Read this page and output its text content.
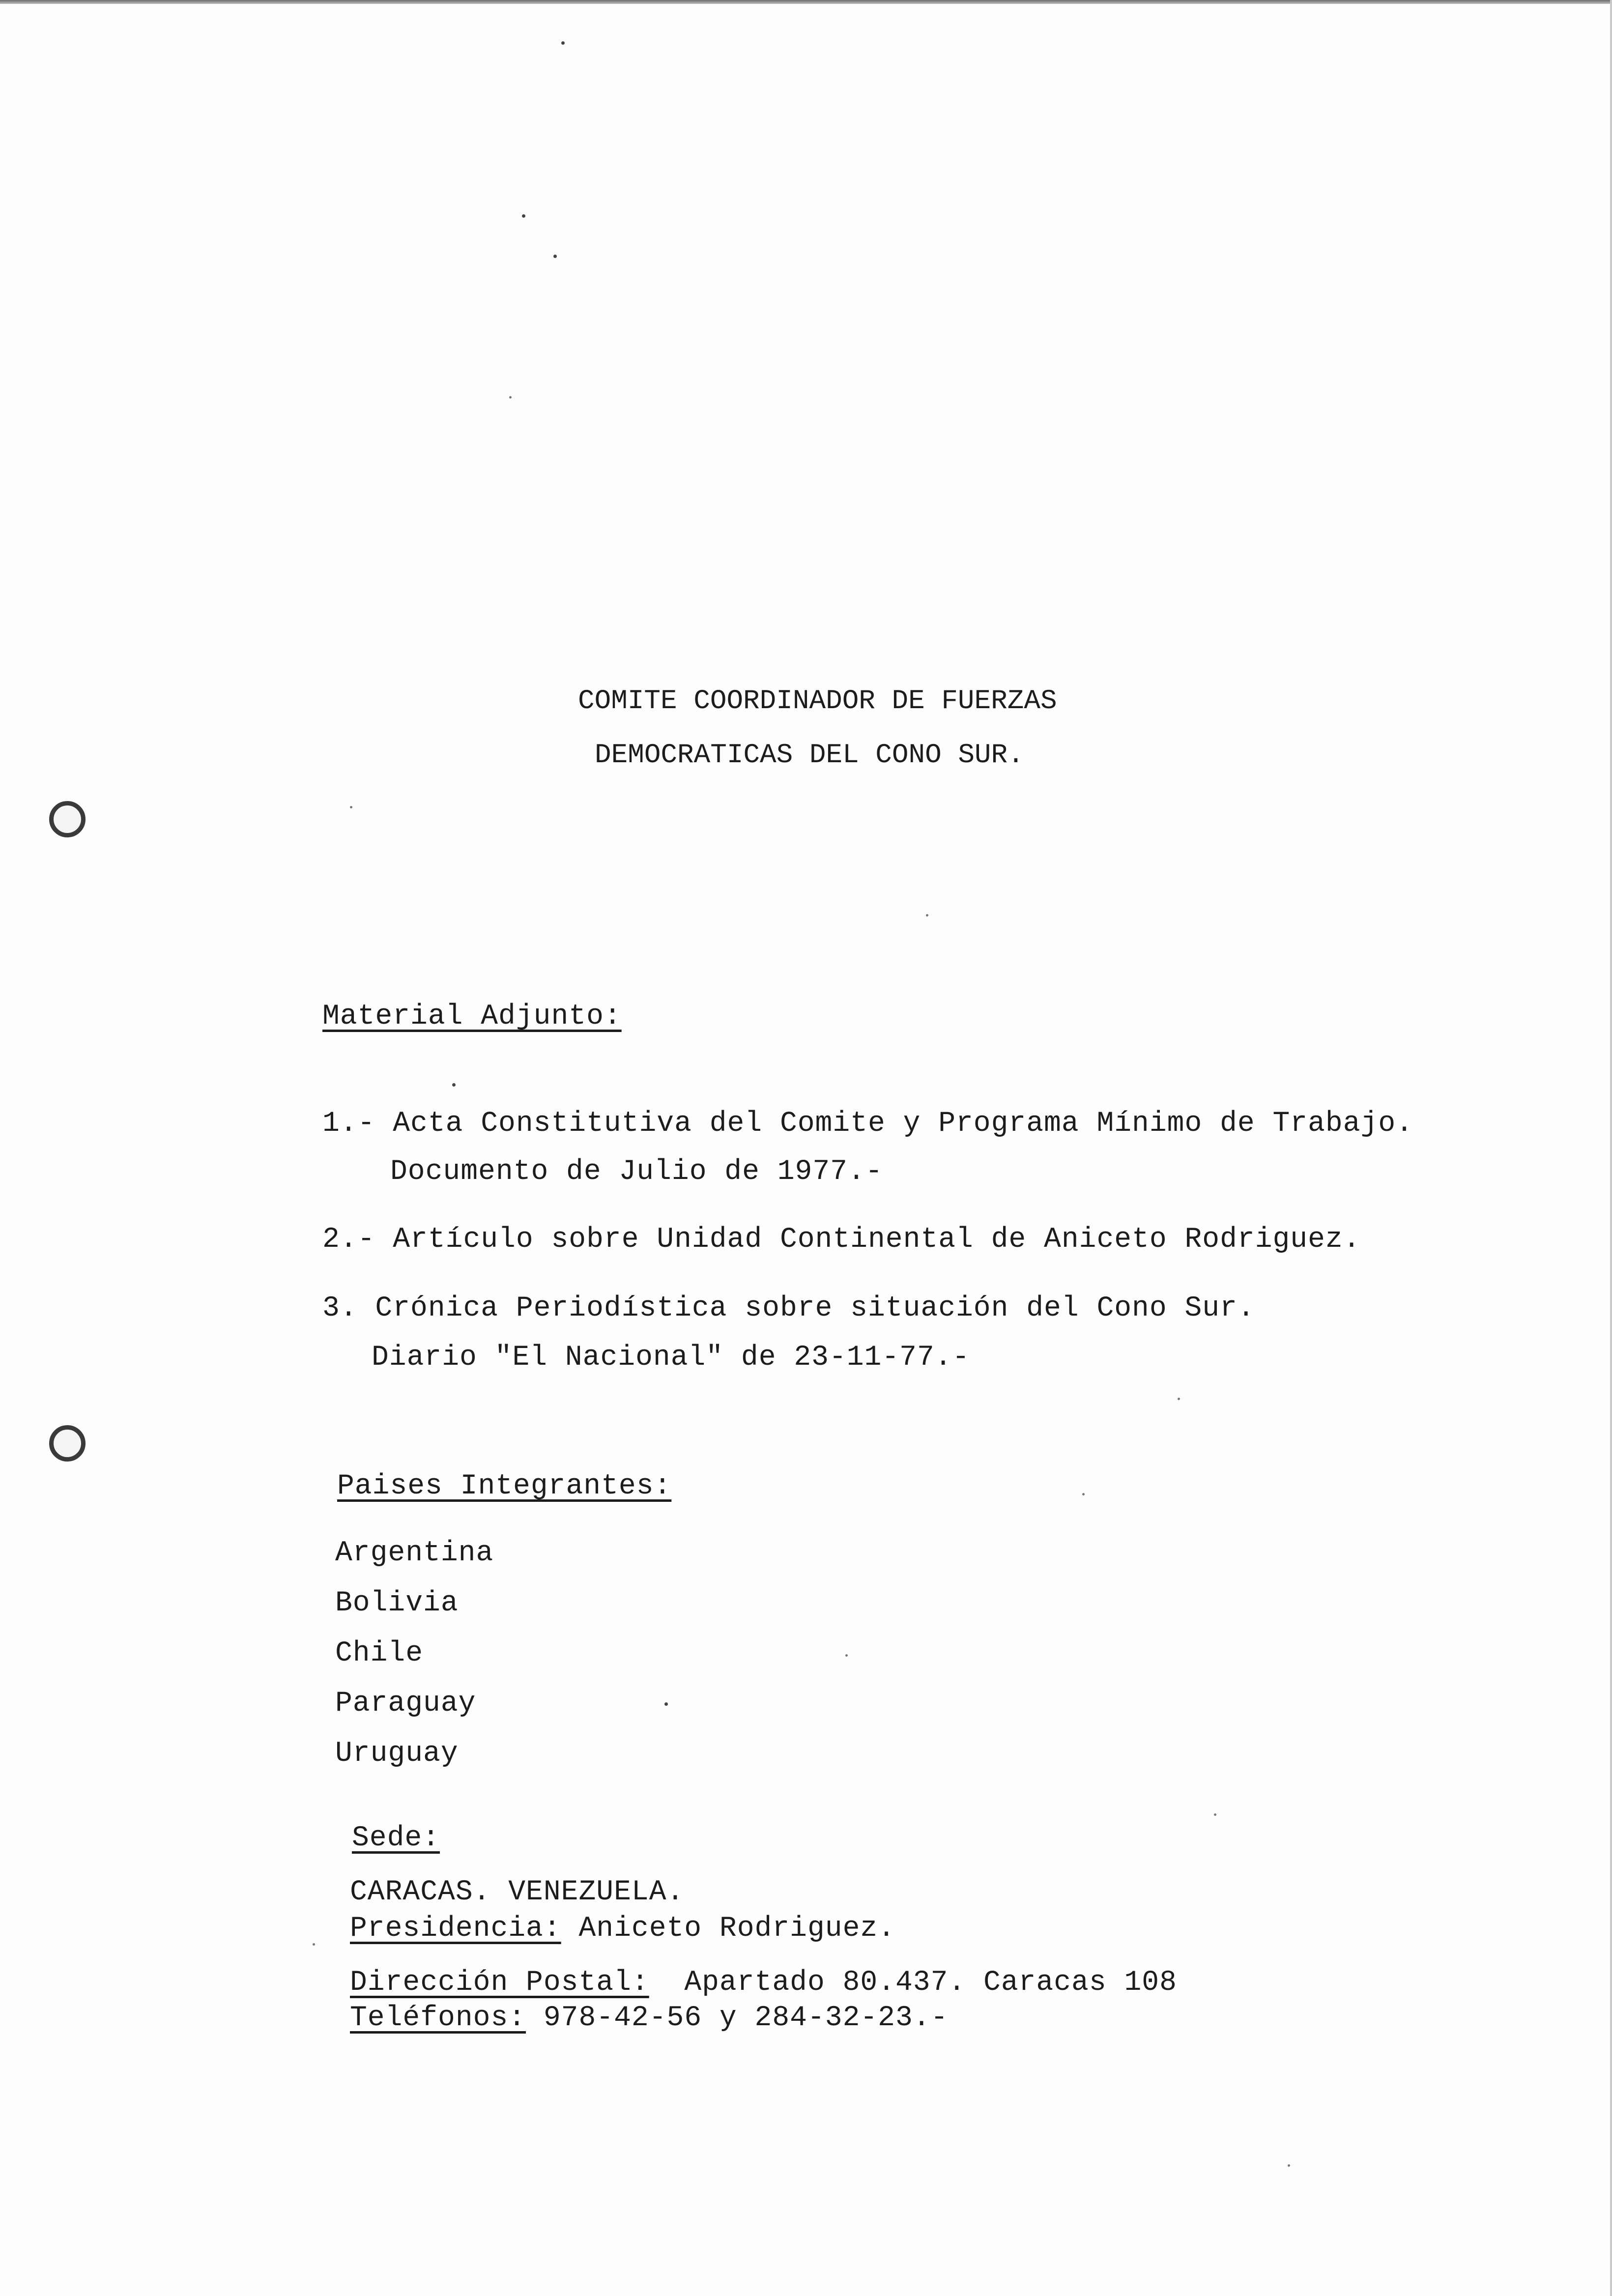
COMITE COORDINADOR DE FUERZAS
DEMOCRATICAS DEL CONO SUR.
Material Adjunto:
1.- Acta Constitutiva del Comite y Programa Mínimo de Trabajo.
Documento de Julio de 1977.-
2.- Artículo sobre Unidad Continental de Aniceto Rodriguez.
3. Crónica Periodística sobre situación del Cono Sur.
Diario "El Nacional" de 23-11-77.-
Paises Integrantes:
Argentina
Bolivia
Chile
Paraguay
Uruguay
Sede:
CARACAS. VENEZUELA.
Presidencia: Aniceto Rodriguez.
Dirección Postal:  Apartado 80.437. Caracas 108
Teléfonos: 978-42-56 y 284-32-23.-
